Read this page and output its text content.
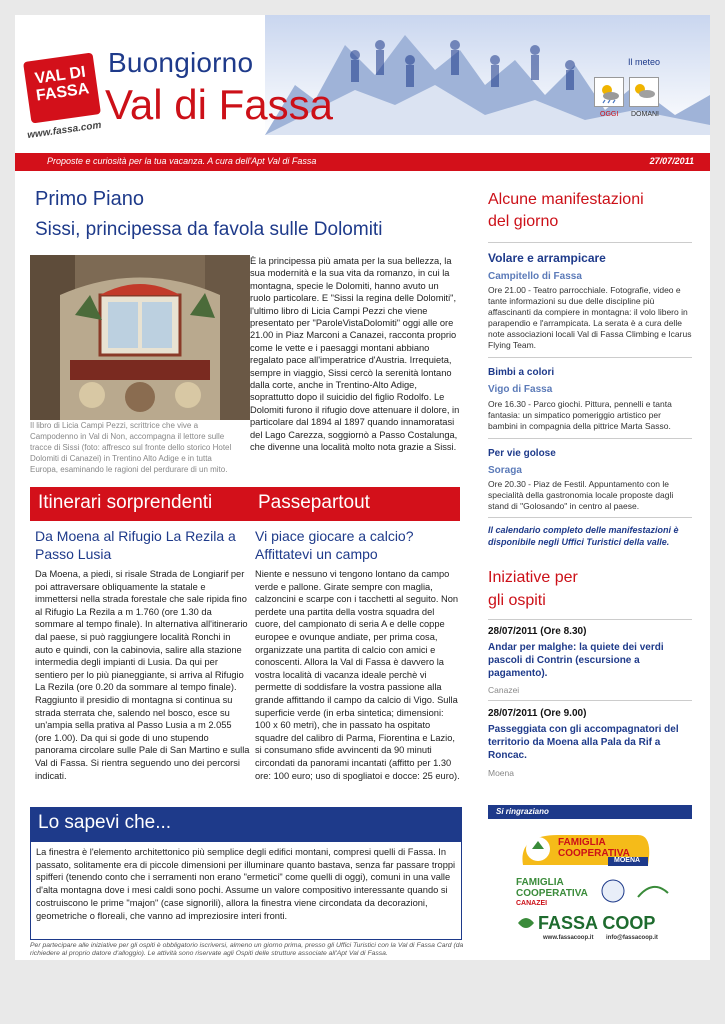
VAL DI
FASSA
www.fassa.com
Buongiorno
Val di Fassa
Il meteo
OGGI DOMANI
Proposte e curiosità per la tua vacanza. A cura dell'Apt Val di Fassa	27/07/2011
Primo Piano
Sissi, principessa da favola sulle Dolomiti
Il libro di Licia Campi Pezzi, scrittrice che vive a Campodenno in Val di Non, accompagna il lettore sulle tracce di Sissi (foto: affresco sul fronte dello storico Hotel Dolomiti di Canazei) in Trentino Alto Adige e in tutta Europa, esaminando le ragioni del perdurare di un mito.
È la principessa più amata per la sua bellezza, la sua modernità e la sua vita da romanzo, in cui la montagna, specie le Dolomiti, hanno avuto un ruolo particolare. E "Sissi la regina delle Dolomiti", l'ultimo libro di Licia Campi Pezzi che viene presentato per "ParoleVistaDolomiti" oggi alle ore 21.00 in Piaz Marconi a Canazei, racconta proprio come le vette e i paesaggi montani abbiano regalato pace all'imperatrice d'Austria. Irrequieta, sempre in viaggio, Sissi cercò la serenità lontano dalla corte, anche in Trentino-Alto Adige, soprattutto dopo il suicidio del figlio Rodolfo. Le Dolomiti furono il rifugio dove attenuare il dolore, in particolare dal 1894 al 1897 quando innamoratasi del Lago Carezza, soggiornò a Passo Costalunga, che divenne una località molto nota grazie a Sissi.
Itinerari sorprendenti
Da Moena al Rifugio La Rezila a Passo Lusia
Da Moena, a piedi, si risale Strada de Longiarif per poi attraversare obliquamente la statale e immettersi nella strada forestale che sale ripida fino al Rifugio La Rezila a m 1.760 (ore 1.30 da sommare al tempo finale). In alternativa all'itinerario dal paese, si può raggiungere località Ronchi in auto e quindi, con la cabinovia, salire alla stazione intermedia degli impianti di Lusia. Da qui per sentiero per lo più pianeggiante, si arriva al Rifugio La Rezila (ore 0.20 da sommare al tempo finale). Raggiunto il presidio di montagna si continua su strada sterrata che, salendo nel bosco, esce su un'ampia sella prativa al Passo Lusia a m 2.055 (ore 1.00). Da qui si gode di uno stupendo panorama circolare sulle Pale di San Martino e sulla Val di Fassa. Si rientra seguendo uno dei percorsi indicati.
Passepartout
Vi piace giocare a calcio? Affittatevi un campo
Niente e nessuno vi tengono lontano da campo verde e pallone. Girate sempre con maglia, calzoncini e scarpe con i tacchetti al seguito. Non perdete una partita della vostra squadra del cuore, del campionato di seria A e delle coppe europee e ovunque andiate, per prima cosa, organizzate una partita di calcio con amici e conoscenti. Allora la Val di Fassa è davvero la vostra località di vacanza ideale perchè vi permette di soddisfare la vostra passione alla grande affittando il campo da calcio di Vigo. Sulla superficie verde (in erba sintetica; dimensioni: 100 x 60 metri), che in passato ha ospitato squadre del calibro di Parma, Fiorentina e Lazio, si consumano sfide avvincenti da 90 minuti circondati da panorami incantati (affitto per 1.30 ore: 100 euro; uso di spogliatoi e docce: 25 euro).
Lo sapevi che...
La finestra è l'elemento architettonico più semplice degli edifici montani, compresi quelli di Fassa. In passato, solitamente era di piccole dimensioni per illuminare quanto bastava, senza far passare troppi spifferi (tenendo conto che i serramenti non erano "ermetici" come quelli di oggi), comuni in una valle d'alta montagna dove i mesi caldi sono pochi. Assume un valore compositivo interessante quando si costruiscono le prime "majon" (case signorili), allora la finestra viene circondata da decorazioni, geometriche o floreali, che vanno ad impreziosire interi fronti.
Per partecipare alle iniziative per gli ospiti è obbligatorio iscriversi, almeno un giorno prima, presso gli Uffici Turistici con la Val di Fassa Card (da richiedere al proprio datore d'alloggio). Le attività sono riservate agli Ospiti delle strutture associate all'Apt Val di Fassa.
Alcune manifestazioni
del giorno
Volare e arrampicare
Campitello di Fassa
Ore 21.00 - Teatro parrocchiale. Fotografie, video e tante informazioni su due delle discipline più affascinanti da compiere in montagna: il volo libero in parapendio e l'arrampicata. La serata è a cura delle note associazioni locali Val di Fassa Climbing e Icarus Flying Team.
Bimbi a colori
Vigo di Fassa
Ore 16.30 - Parco giochi. Pittura, pennelli e tanta fantasia: un simpatico pomeriggio artistico per bambini in compagnia della pittrice Marta Sasso.
Per vie golose
Soraga
Ore 20.30 - Piaz de Festil. Appuntamento con le specialità della gastronomia locale proposte dagli stand di "Golosando" in centro al paese.
Il calendario completo delle manifestazioni è disponibile negli Uffici Turistici della valle.
Iniziative per
gli ospiti
28/07/2011 (Ore 8.30)
Andar per malghe: la quiete dei verdi pascoli di Contrin (escursione a pagamento).
Canazei
28/07/2011 (Ore 9.00)
Passeggiata con gli accompagnatori del territorio da Moena alla Pala da Rif a Roncac.
Moena
Si ringraziano
FAMIGLIA COOPERATIVA
MOENA
FAMIGLIA COOPERATIVA
CANAZEI
FASSA COOP
www.fassacoop.it info@fassacoop.it
